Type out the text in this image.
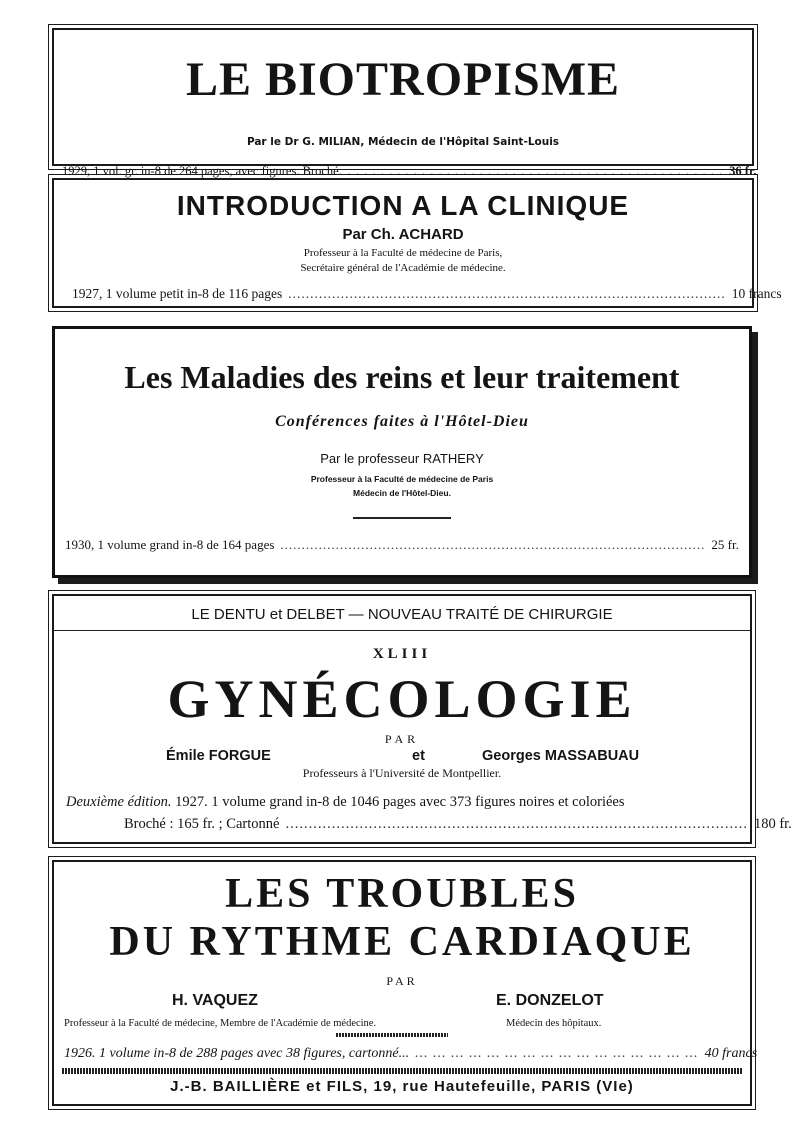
LE BIOTROPISME
Par le Dr G. MILIAN, Médecin de l'Hôpital Saint-Louis
1929, 1 vol. gr. in-8 de 264 pages, avec figures. Broché. . . . . . . . . . . . . . . . . . . . . . . . . . . . . . . . . . . . . . . . . . . . . . . 36 fr.
INTRODUCTION A LA CLINIQUE
Par Ch. ACHARD
Professeur à la Faculté de médecine de Paris,
Secrétaire général de l'Académie de médecine.
1927, 1 volume petit in-8 de 116 pages .................................................................................................... 10 francs
Les Maladies des reins et leur traitement
Conférences faites à l'Hôtel-Dieu
Par le professeur RATHERY
Professeur à la Faculté de médecine de Paris
Médecin de l'Hôtel-Dieu.
1930, 1 volume grand in-8 de 164 pages .................................................................................................... 25 fr.
LE DENTU et DELBET — NOUVEAU TRAITÉ DE CHIRURGIE
XLIII
GYNÉCOLOGIE
PAR
Émile FORGUE	et	Georges MASSABUAU
Professeurs à l'Université de Montpellier.
Deuxième édition. 1927. 1 volume grand in-8 de 1046 pages avec 373 figures noires et coloriées
Broché : 165 fr. ; Cartonné .................................................................................................... 180 fr.
LES TROUBLES
DU RYTHME CARDIAQUE
PAR
H. VAQUEZ	E. DONZELOT
Professeur à la Faculté de médecine, Membre de l'Académie de médecine.	Médecin des hôpitaux.
1926. 1 volume in-8 de 288 pages avec 38 figures, cartonné... ... ... ... ... ... ... ... ... ... ... ... ... ... ... ... ... 40 francs
J.-B. BAILLIÈRE et FILS, 19, rue Hautefeuille, PARIS (VIe)
